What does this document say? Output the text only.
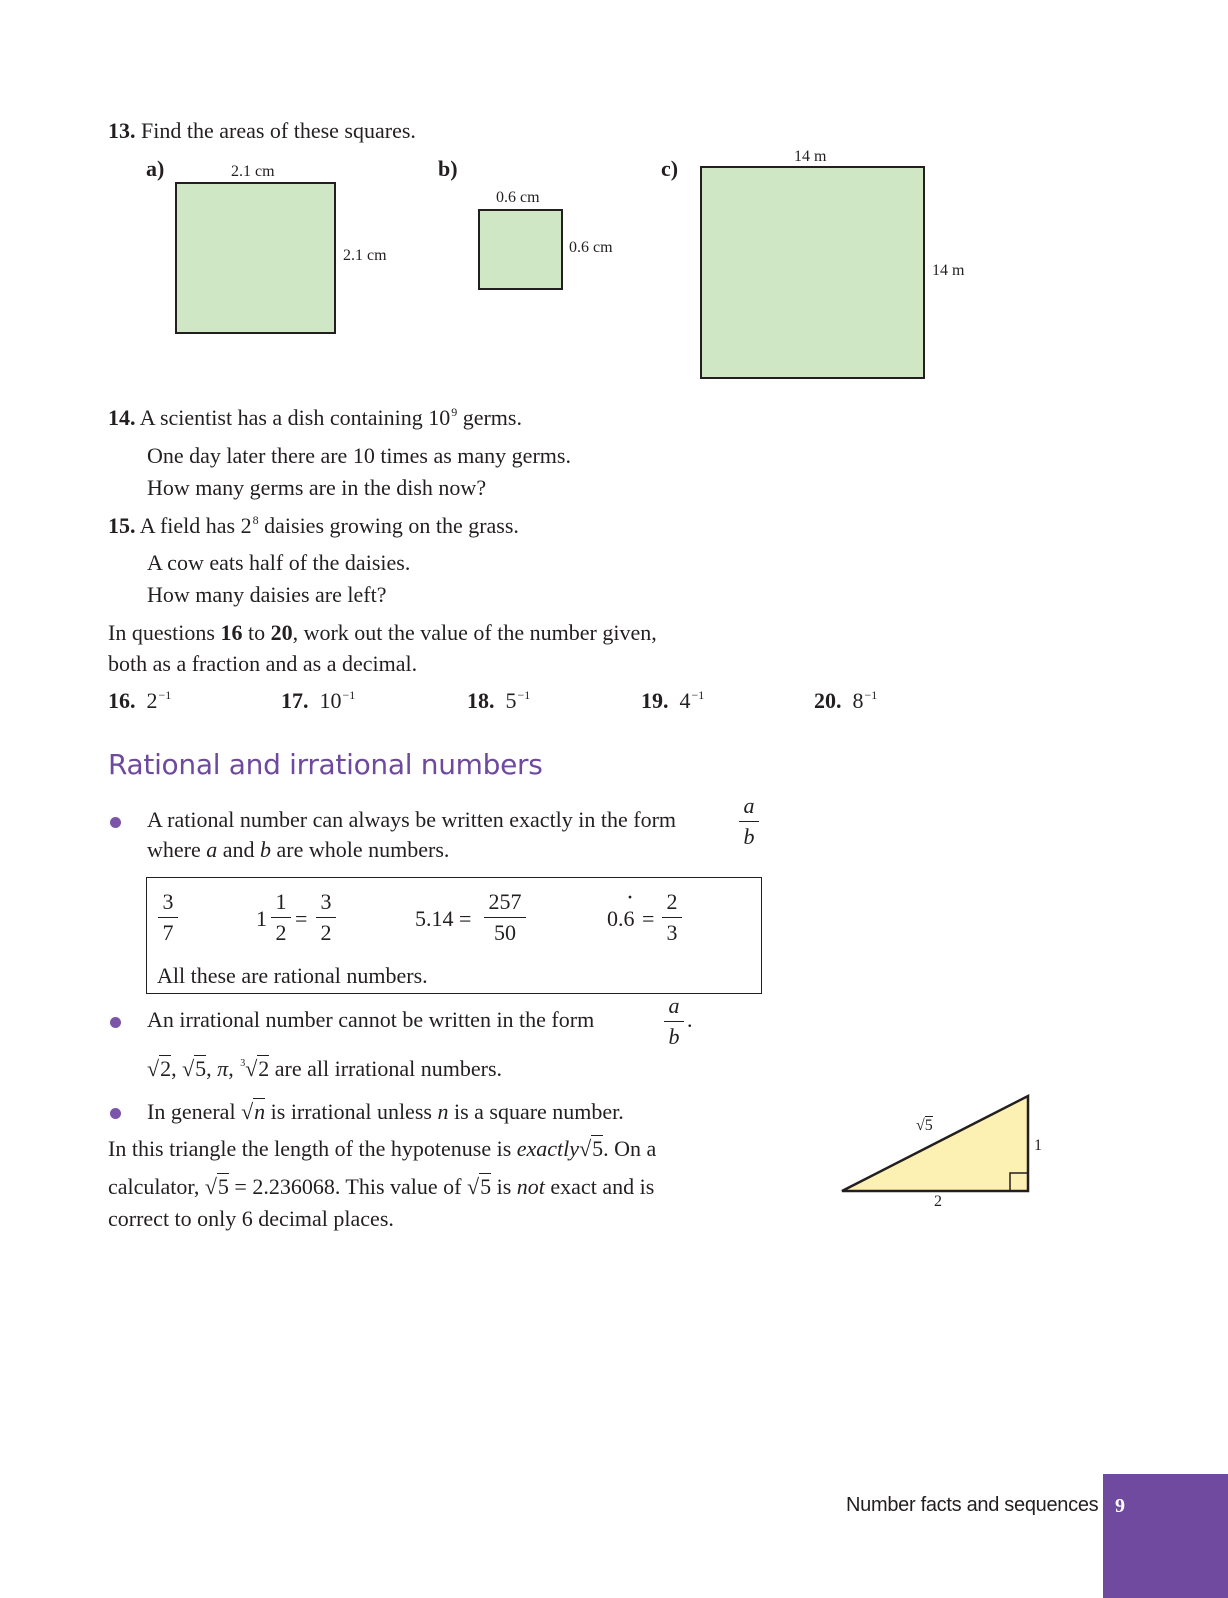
13. Find the areas of these squares.
a)	2.1 cm
2.1 cm
b)
0.6 cm
0.6 cm
c)	14 m
14 m
14. A scientist has a dish containing $10^9$ germs.
One day later there are 10 times as many germs.
How many germs are in the dish now?
15. A field has $2^8$ daisies growing on the grass.
A cow eats half of the daisies.
How many daisies are left?
In questions 16 to 20, work out the value of the number given,
both as a fraction and as a decimal.
16. $2^{-1}$	17. $10^{-1}$	18. $5^{-1}$	19. $4^{-1}$	20. $8^{-1}$
Rational and irrational numbers
A rational number can always be written exactly in the form
a
b
where a and b are whole numbers.
3
7
1
1
2
=
3
2
5.14 =
257
50
0.6
·
=
2
3
All these are rational numbers.
An irrational number cannot be written in the form
a
b
.
√2, √5, π, $^3$√2 are all irrational numbers.
In general √n is irrational unless n is a square number.
In this triangle the length of the hypotenuse is exactly√5. On a
calculator, √5 = 2.236068. This value of √5 is not exact and is
correct to only 6 decimal places.
√5
1
2
Number facts and sequences 9
